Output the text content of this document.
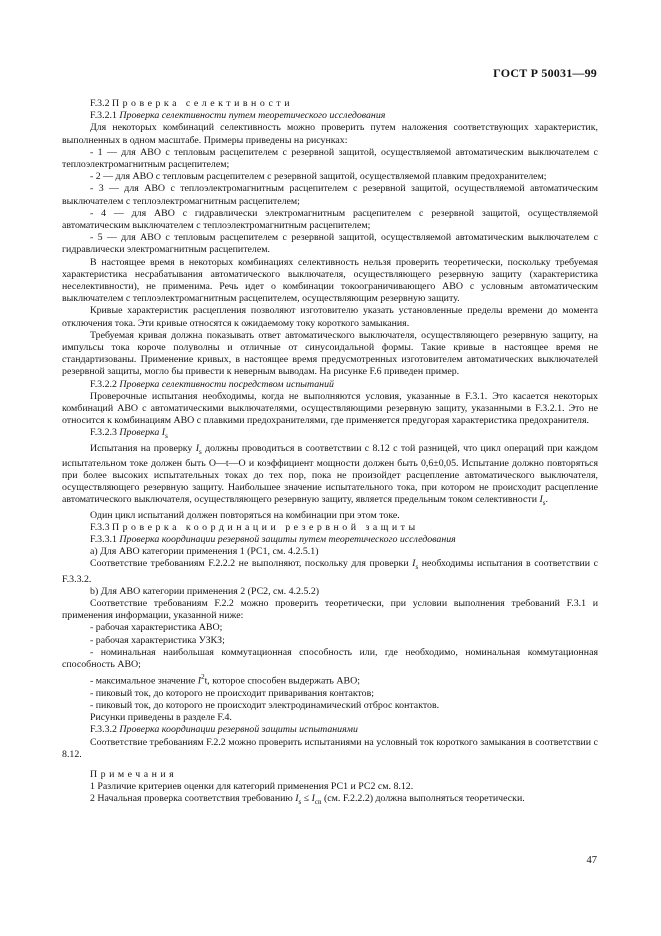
ГОСТ Р 50031—99
F.3.2 Проверка селективности
F.3.2.1 Проверка селективности путем теоретического исследования

Для некоторых комбинаций селективность можно проверить путем наложения соответствующих характеристик, выполненных в одном масштабе. Примеры приведены на рисунках:

- 1 — для АВО с тепловым расцепителем с резервной защитой, осуществляемой автоматическим выключателем с теплоэлектромагнитным расцепителем;

- 2 — для АВО с тепловым расцепителем с резервной защитой, осуществляемой плавким предохранителем;

- 3 — для АВО с теплоэлектромагнитным расцепителем с резервной защитой, осуществляемой автоматическим выключателем с теплоэлектромагнитным расцепителем;

- 4 — для АВО с гидравлически электромагнитным расцепителем с резервной защитой, осуществляемой автоматическим выключателем с теплоэлектромагнитным расцепителем;

- 5 — для АВО с тепловым расцепителем с резервной защитой, осуществляемой автоматическим выключателем с гидравлически электромагнитным расцепителем.

В настоящее время в некоторых комбинациях селективность нельзя проверить теоретически, поскольку требуемая характеристика несрабатывания автоматического выключателя, осуществляющего резервную защиту (характеристика неселективности), не применима. Речь идет о комбинации токоограничивающего АВО с условным автоматическим выключателем с теплоэлектромагнитным расцепителем, осуществляющим резервную защиту.

Кривые характеристик расцепления позволяют изготовителю указать установленные пределы времени до момента отключения тока. Эти кривые относятся к ожидаемому току короткого замыкания.

Требуемая кривая должна показывать ответ автоматического выключателя, осуществляющего резервную защиту, на импульсы тока короче полуволны и отличные от синусоидальной формы. Такие кривые в настоящее время не стандартизованы. Применение кривых, в настоящее время предусмотренных изготовителем автоматических выключателей резервной защиты, могло бы привести к неверным выводам. На рисунке F.6 приведен пример.

F.3.2.2 Проверка селективности посредством испытаний

Проверочные испытания необходимы, когда не выполняются условия, указанные в F.3.1. Это касается некоторых комбинаций АВО с автоматическими выключателями, осуществляющими резервную защиту, указанными в F.3.2.1. Это не относится к комбинациям АВО с плавкими предохранителями, где применяется предугорая характеристика предохранителя.

F.3.2.3 Проверка $I_s$

Испытания на проверку $I_s$ должны проводиться в соответствии с 8.12 с той разницей, что цикл операций при каждом испытательном токе должен быть О—t—О и коэффициент мощности должен быть 0,6±0,05. Испытание должно повторяться при более высоких испытательных токах до тех пор, пока не произойдет расцепление автоматического выключателя, осуществляющего резервную защиту. Наибольшее значение испытательного тока, при котором не происходит расцепление автоматического выключателя, осуществляющего резервную защиту, является предельным током селективности $I_s$.

Один цикл испытаний должен повторяться на комбинации при этом токе.

F.3.3 Проверка координации резервной защиты
F.3.3.1 Проверка координации резервной защиты путем теоретического исследования

а) Для АВО категории применения 1 (РС1, см. 4.2.5.1)

Соответствие требованиям F.2.2.2 не выполняют, поскольку для проверки $I_s$ необходимы испытания в соответствии с F.3.3.2.

b) Для АВО категории применения 2 (РС2, см. 4.2.5.2)

Соответствие требованиям F.2.2 можно проверить теоретически, при условии выполнения требований F.3.1 и применения информации, указанной ниже:

- рабочая характеристика АВО;

- рабочая характеристика УЗКЗ;

- номинальная наибольшая коммутационная способность или, где необходимо, номинальная коммутационная способность АВО;

- максимальное значение $I^2t$, которое способен выдержать АВО;

- пиковый ток, до которого не происходит приваривания контактов;

- пиковый ток, до которого не происходит электродинамический отброс контактов.

Рисунки приведены в разделе F.4.

F.3.3.2 Проверка координации резервной защиты испытаниями

Соответствие требованиям F.2.2 можно проверить испытаниями на условный ток короткого замыкания в соответствии с 8.12.

Примечания

1 Различие критериев оценки для категорий применения РС1 и РС2 см. 8.12.

2 Начальная проверка соответствия требованию $I_s \le I_{cn}$ (см. F.2.2.2) должна выполняться теоретически.

47
